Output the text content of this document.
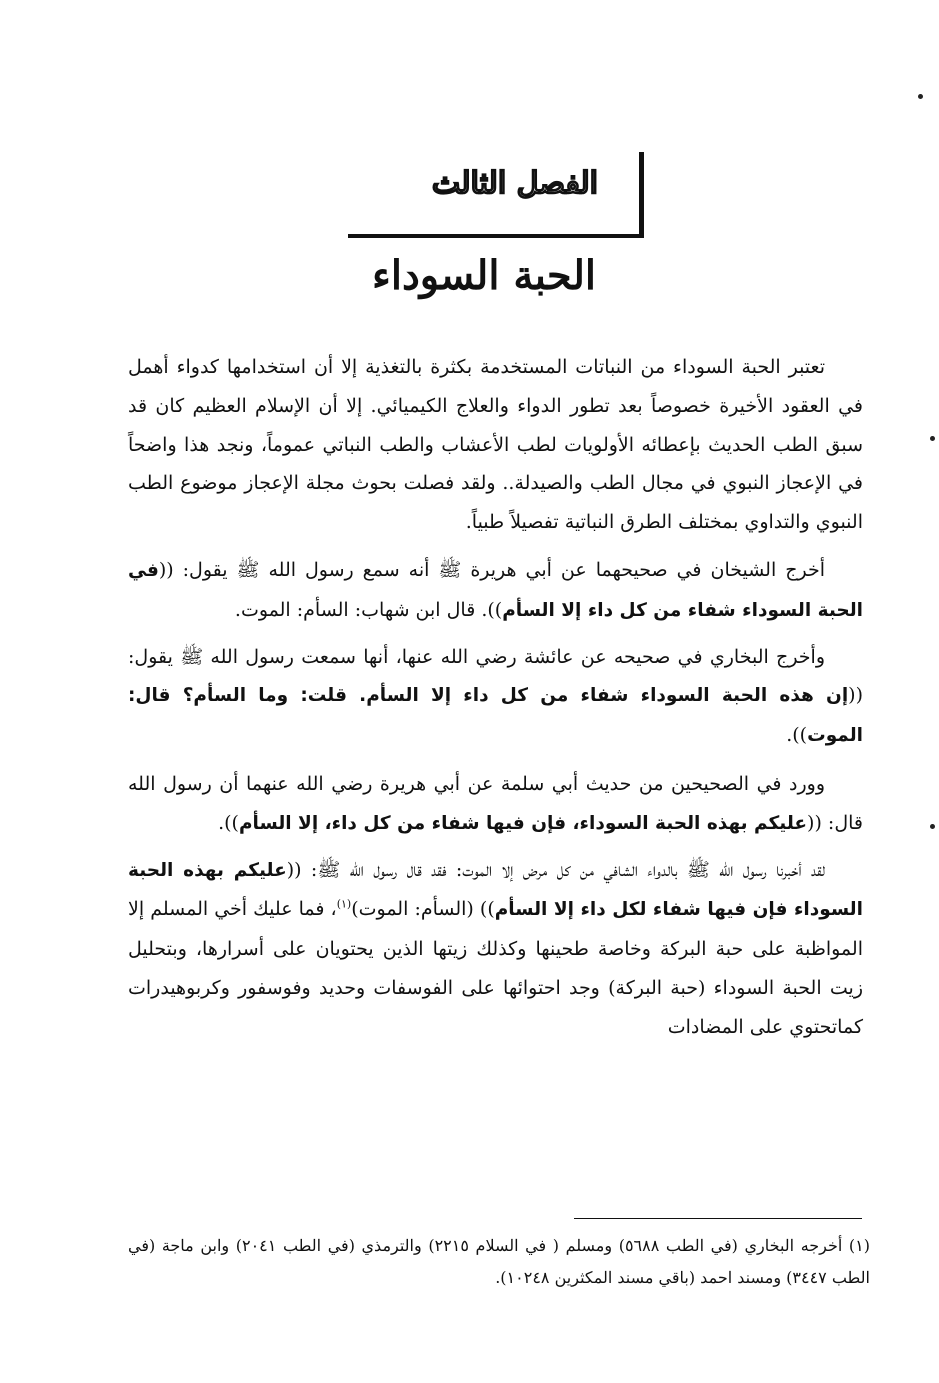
الفصل الثالث
الحبة السوداء

تعتبر الحبة السوداء من النباتات المستخدمة بكثرة بالتغذية إلا أن استخدامها كدواء أهمل في العقود الأخيرة خصوصاً بعد تطور الدواء والعلاج الكيميائي. إلا أن الإسلام العظيم كان قد سبق الطب الحديث بإعطائه الأولويات لطب الأعشاب والطب النباتي عموماً، ونجد هذا واضحاً في الإعجاز النبوي في مجال الطب والصيدلة.. ولقد فصلت بحوث مجلة الإعجاز موضوع الطب النبوي والتداوي بمختلف الطرق النباتية تفصيلاً طبياً.

أخرج الشيخان في صحيحهما عن أبي هريرة ﷺ أنه سمع رسول الله ﷺ يقول: ((في الحبة السوداء شفاء من كل داء إلا السأم)). قال ابن شهاب: السأم: الموت.

وأخرج البخاري في صحيحه عن عائشة رضي الله عنها، أنها سمعت رسول الله ﷺ يقول: ((إن هذه الحبة السوداء شفاء من كل داء إلا السأم. قلت: وما السأم؟ قال: الموت)).

وورد في الصحيحين من حديث أبي سلمة عن أبي هريرة رضي الله عنهما أن رسول الله قال: ((عليكم بهذه الحبة السوداء، فإن فيها شفاء من كل داء، إلا السأم)).

لقد أخبرنا رسول الله ﷺ بالدواء الشافي من كل مرض إلا الموت: فقد قال رسول الله ﷺ: ((عليكم بهذه الحبة السوداء فإن فيها شفاء لكل داء إلا السأم)) (السأم: الموت)$^{(١)}$، فما عليك أخي المسلم إلا المواظبة على حبة البركة وخاصة طحينها وكذلك زيتها الذين يحتويان على أسرارها، وبتحليل زيت الحبة السوداء (حبة البركة) وجد احتوائها على الفوسفات وحديد وفوسفور وكربوهيدرات كماتحتوي على المضادات

(١) أخرجه البخاري (في الطب ٥٦٨٨) ومسلم ( في السلام ٢٢١٥) والترمذي (في الطب ٢٠٤١) وابن ماجة (في الطب ٣٤٤٧) ومسند احمد (باقي مسند المكثرين ١٠٢٤٨).
